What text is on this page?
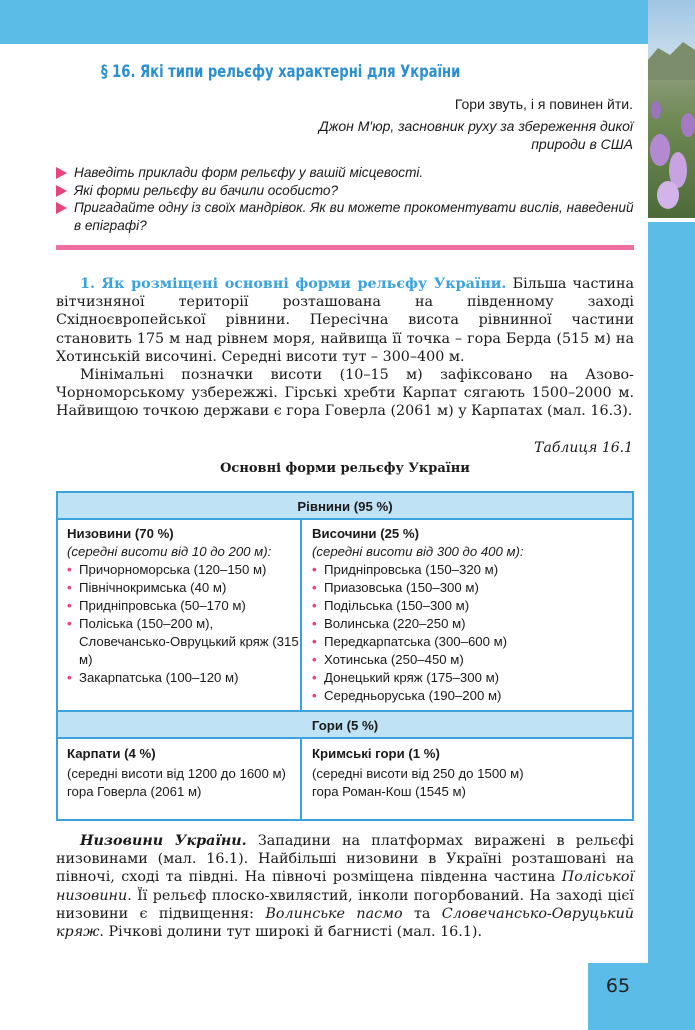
§ 16. Які типи рельєфу характерні для України
Гори звуть, і я повинен йти.
Джон М'юр, засновник руху за збереження дикої природи в США
Наведіть приклади форм рельєфу у вашій місцевості.
Які форми рельєфу ви бачили особисто?
Пригадайте одну із своїх мандрівок. Як ви можете прокоментувати вислів, наведений в епіграфі?

1. Як розміщені основні форми рельєфу України. Більша частина вітчизняної території розташована на південному заході Східноєвропейської рівнини. Пересічна висота рівнинної частини становить 175 м над рівнем моря, найвища її точка – гора Берда (515 м) на Хотинській височині. Середні висоти тут – 300–400 м.

Мінімальні позначки висоти (10–15 м) зафіксовано на Азово-Чорноморському узбережжі. Гірські хребти Карпат сягають 1500–2000 м. Найвищою точкою держави є гора Говерла (2061 м) у Карпатах (мал. 16.3).

Таблиця 16.1
Основні форми рельєфу України
Рівнини (95 %)
Низовини (70 %)
(середні висоти від 10 до 200 м):
• Причорноморська (120–150 м)
• Північнокримська (40 м)
• Придніпровська (50–170 м)
• Поліська (150–200 м), Словечансько-Овруцький кряж (315 м)
• Закарпатська (100–120 м)
Височини (25 %)
(середні висоти від 300 до 400 м):
• Придніпровська (150–320 м)
• Приазовська (150–300 м)
• Подільська (150–300 м)
• Волинська (220–250 м)
• Передкарпатська (300–600 м)
• Хотинська (250–450 м)
• Донецький кряж (175–300 м)
• Середньоруська (190–200 м)
Гори (5 %)
Карпати (4 %)
(середні висоти від 1200 до 1600 м)
гора Говерла (2061 м)
Кримські гори (1 %)
(середні висоти від 250 до 1500 м)
гора Роман-Кош (1545 м)

Низовини України. Западини на платформах виражені в рельєфі низовинами (мал. 16.1). Найбільші низовини в Україні розташовані на півночі, сході та півдні. На півночі розміщена південна частина Поліської низовини. Її рельєф плоско-хвилястий, інколи погорбований. На заході цієї низовини є підвищення: Волинське пасмо та Словечансько-Овруцький кряж. Річкові долини тут широкі й багнисті (мал. 16.1).

65
